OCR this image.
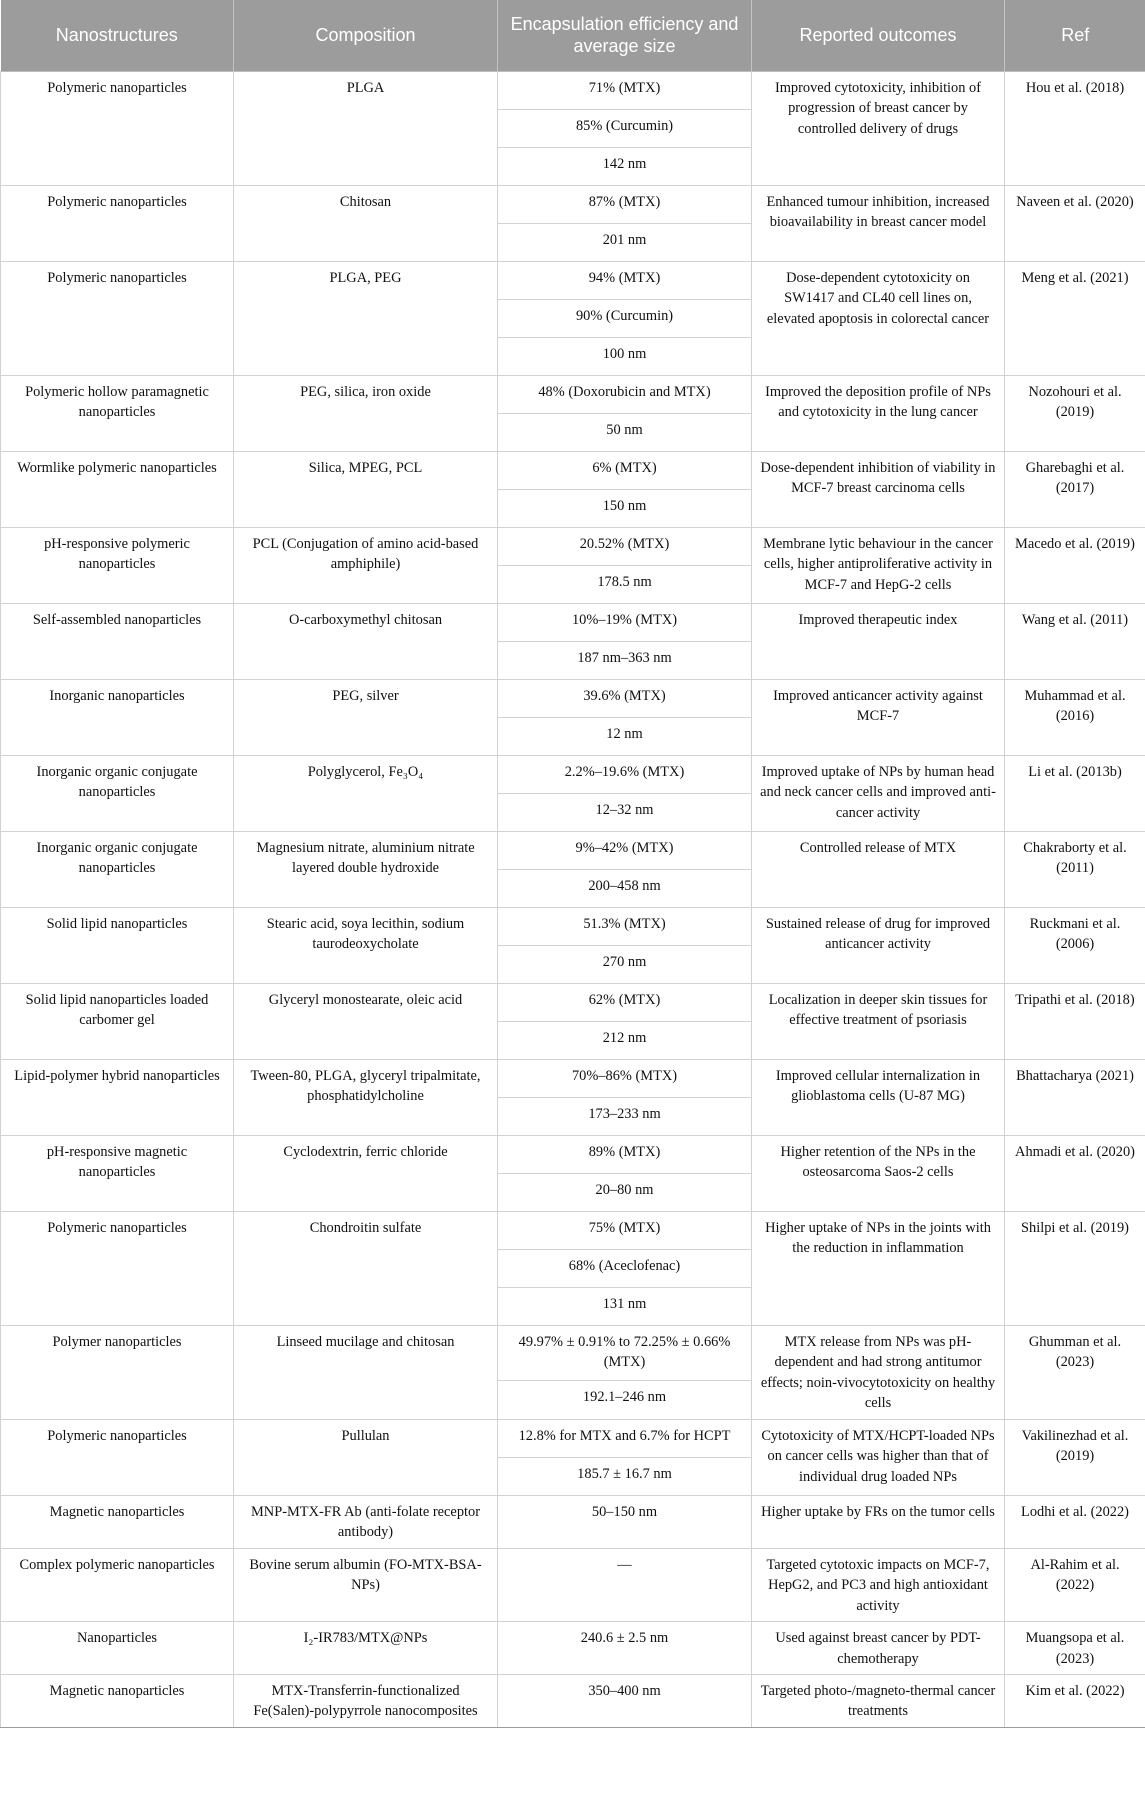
Nanostructures	Composition	Encapsulation efficiency and average size	Reported outcomes	Ref
Polymeric nanoparticles	PLGA	71% (MTX)	Improved cytotoxicity, inhibition of progression of breast cancer by controlled delivery of drugs	Hou et al. (2018)
		85% (Curcumin)		
		142 nm		
Polymeric nanoparticles	Chitosan	87% (MTX)	Enhanced tumour inhibition, increased bioavailability in breast cancer model	Naveen et al. (2020)
		201 nm		
Polymeric nanoparticles	PLGA, PEG	94% (MTX)	Dose-dependent cytotoxicity on SW1417 and CL40 cell lines on, elevated apoptosis in colorectal cancer	Meng et al. (2021)
		90% (Curcumin)		
		100 nm		
Polymeric hollow paramagnetic nanoparticles	PEG, silica, iron oxide	48% (Doxorubicin and MTX)	Improved the deposition profile of NPs and cytotoxicity in the lung cancer	Nozohouri et al. (2019)
		50 nm		
Wormlike polymeric nanoparticles	Silica, MPEG, PCL	6% (MTX)	Dose-dependent inhibition of viability in MCF-7 breast carcinoma cells	Gharebaghi et al. (2017)
		150 nm		
pH-responsive polymeric nanoparticles	PCL (Conjugation of amino acid-based amphiphile)	20.52% (MTX)	Membrane lytic behaviour in the cancer cells, higher antiproliferative activity in MCF-7 and HepG-2 cells	Macedo et al. (2019)
		178.5 nm		
Self-assembled nanoparticles	O-carboxymethyl chitosan	10%–19% (MTX)	Improved therapeutic index	Wang et al. (2011)
		187 nm–363 nm		
Inorganic nanoparticles	PEG, silver	39.6% (MTX)	Improved anticancer activity against MCF-7	Muhammad et al. (2016)
		12 nm		
Inorganic organic conjugate nanoparticles	Polyglycerol, Fe₃O₄	2.2%–19.6% (MTX)	Improved uptake of NPs by human head and neck cancer cells and improved anti-cancer activity	Li et al. (2013b)
		12–32 nm		
Inorganic organic conjugate nanoparticles	Magnesium nitrate, aluminium nitrate layered double hydroxide	9%–42% (MTX)	Controlled release of MTX	Chakraborty et al. (2011)
		200–458 nm		
Solid lipid nanoparticles	Stearic acid, soya lecithin, sodium taurodeoxycholate	51.3% (MTX)	Sustained release of drug for improved anticancer activity	Ruckmani et al. (2006)
		270 nm		
Solid lipid nanoparticles loaded carbomer gel	Glyceryl monostearate, oleic acid	62% (MTX)	Localization in deeper skin tissues for effective treatment of psoriasis	Tripathi et al. (2018)
		212 nm		
Lipid-polymer hybrid nanoparticles	Tween-80, PLGA, glyceryl tripalmitate, phosphatidylcholine	70%–86% (MTX)	Improved cellular internalization in glioblastoma cells (U-87 MG)	Bhattacharya (2021)
		173–233 nm		
pH-responsive magnetic nanoparticles	Cyclodextrin, ferric chloride	89% (MTX)	Higher retention of the NPs in the osteosarcoma Saos-2 cells	Ahmadi et al. (2020)
		20–80 nm		
Polymeric nanoparticles	Chondroitin sulfate	75% (MTX)	Higher uptake of NPs in the joints with the reduction in inflammation	Shilpi et al. (2019)
		68% (Aceclofenac)		
		131 nm		
Polymer nanoparticles	Linseed mucilage and chitosan	49.97% ± 0.91% to 72.25% ± 0.66% (MTX)	MTX release from NPs was pH-dependent and had strong antitumor effects; noin-vivocytotoxicity on healthy cells	Ghumman et al. (2023)
		192.1–246 nm		
Polymeric nanoparticles	Pullulan	12.8% for MTX and 6.7% for HCPT	Cytotoxicity of MTX/HCPT-loaded NPs on cancer cells was higher than that of individual drug loaded NPs	Vakilinezhad et al. (2019)
		185.7 ± 16.7 nm		
Magnetic nanoparticles	MNP-MTX-FR Ab (anti-folate receptor antibody)	50–150 nm	Higher uptake by FRs on the tumor cells	Lodhi et al. (2022)
Complex polymeric nanoparticles	Bovine serum albumin (FO-MTX-BSA-NPs)	—	Targeted cytotoxic impacts on MCF-7, HepG2, and PC3 and high antioxidant activity	Al-Rahim et al. (2022)
Nanoparticles	I₂-IR783/MTX@NPs	240.6 ± 2.5 nm	Used against breast cancer by PDT-chemotherapy	Muangsopa et al. (2023)
Magnetic nanoparticles	MTX-Transferrin-functionalized Fe(Salen)-polypyrrole nanocomposites	350–400 nm	Targeted photo-/magneto-thermal cancer treatments	Kim et al. (2022)
